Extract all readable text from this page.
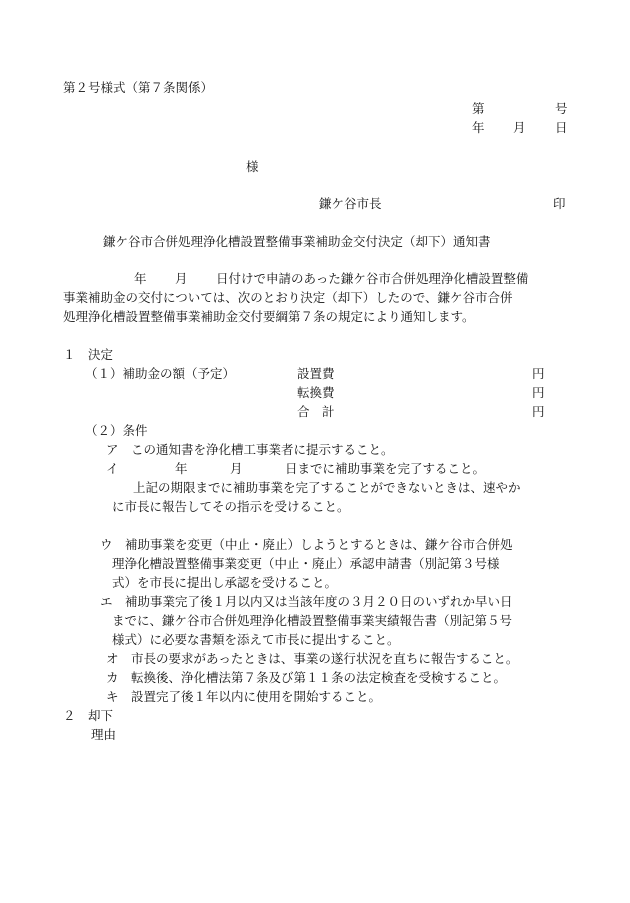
第２号様式（第７条関係）
第	号
年 月 日
様
鎌ケ谷市長	印
鎌ケ谷市合併処理浄化槽設置整備事業補助金交付決定（却下）通知書
年 月 日付けで申請のあった鎌ケ谷市合併処理浄化槽設置整備
事業補助金の交付については、次のとおり決定（却下）したので、鎌ケ谷市合併
処理浄化槽設置整備事業補助金交付要綱第７条の規定により通知します。
１　決定
（１）補助金の額（予定）	設置費	円
転換費	円
合　計	円
（２）条件
ア　この通知書を浄化槽工事業者に提示すること。
イ	年	月	日までに補助事業を完了すること。
上記の期限までに補助事業を完了することができないときは、速やか
に市長に報告してその指示を受けること。
ウ　補助事業を変更（中止・廃止）しようとするときは、鎌ケ谷市合併処
理浄化槽設置整備事業変更（中止・廃止）承認申請書（別記第３号様
式）を市長に提出し承認を受けること。
エ　補助事業完了後１月以内又は当該年度の３月２０日のいずれか早い日
までに、鎌ケ谷市合併処理浄化槽設置整備事業実績報告書（別記第５号
様式）に必要な書類を添えて市長に提出すること。
オ　市長の要求があったときは、事業の遂行状況を直ちに報告すること。
カ　転換後、浄化槽法第７条及び第１１条の法定検査を受検すること。
キ　設置完了後１年以内に使用を開始すること。
２　却下
理由
